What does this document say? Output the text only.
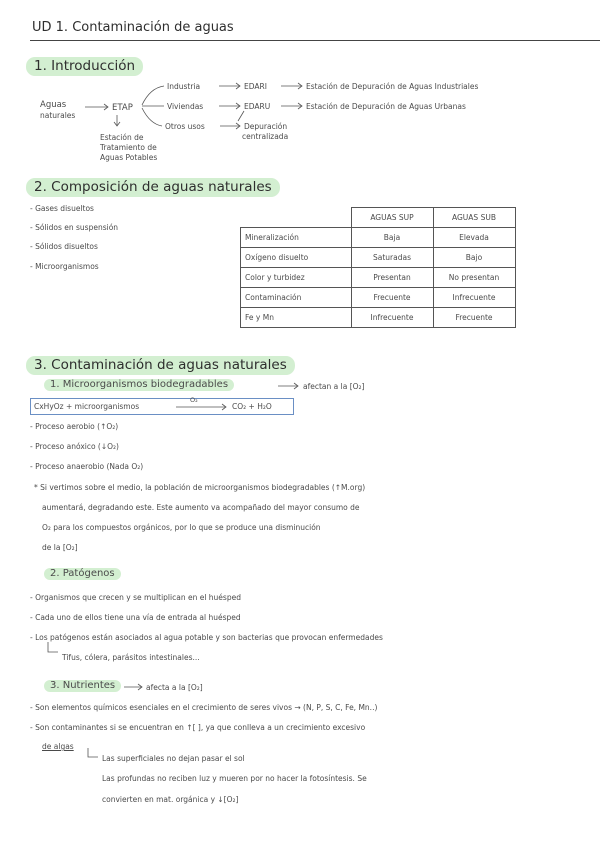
UD 1. Contaminación de aguas
1. Introducción
Aguas
naturales
ETAP
Estación de
Tratamiento de
Aguas Potables
Industria
Viviendas
Otros usos
EDARI
EDARU
Estación de Depuración de Aguas Industriales
Estación de Depuración de Aguas Urbanas
Depuración
centralizada
2. Composición de aguas naturales
- Gases disueltos
- Sólidos en suspensión
- Sólidos disueltos
- Microorganismos
	AGUAS SUP	AGUAS SUB
Mineralización	Baja	Elevada
Oxígeno disuelto	Saturadas	Bajo
Color y turbidez	Presentan	No presentan
Contaminación	Frecuente	Infrecuente
Fe y Mn	Infrecuente	Frecuente
3. Contaminación de aguas naturales
1. Microorganismos biodegradables	afectan a la [O₂]
CxHyOz + microorganismos
O₂
CO₂ + H₂O
- Proceso aerobio (↑O₂)
- Proceso anóxico (↓O₂)
- Proceso anaerobio (Nada O₂)
* Si vertimos sobre el medio, la población de microorganismos biodegradables (↑M.org)
aumentará, degradando este. Este aumento va acompañado del mayor consumo de
O₂ para los compuestos orgánicos, por lo que se produce una disminución
de la [O₂]
2. Patógenos
- Organismos que crecen y se multiplican en el huésped
- Cada uno de ellos tiene una vía de entrada al huésped
- Los patógenos están asociados al agua potable y son bacterias que provocan enfermedades
Tifus, cólera, parásitos intestinales...
3. Nutrientes	afecta a la [O₂]
- Son elementos químicos esenciales en el crecimiento de seres vivos → (N, P, S, C, Fe, Mn..)
- Son contaminantes si se encuentran en ↑[ ], ya que conlleva a un crecimiento excesivo
de algas
Las superficiales no dejan pasar el sol
Las profundas no reciben luz y mueren por no hacer la fotosíntesis. Se
convierten en mat. orgánica y ↓[O₂]
